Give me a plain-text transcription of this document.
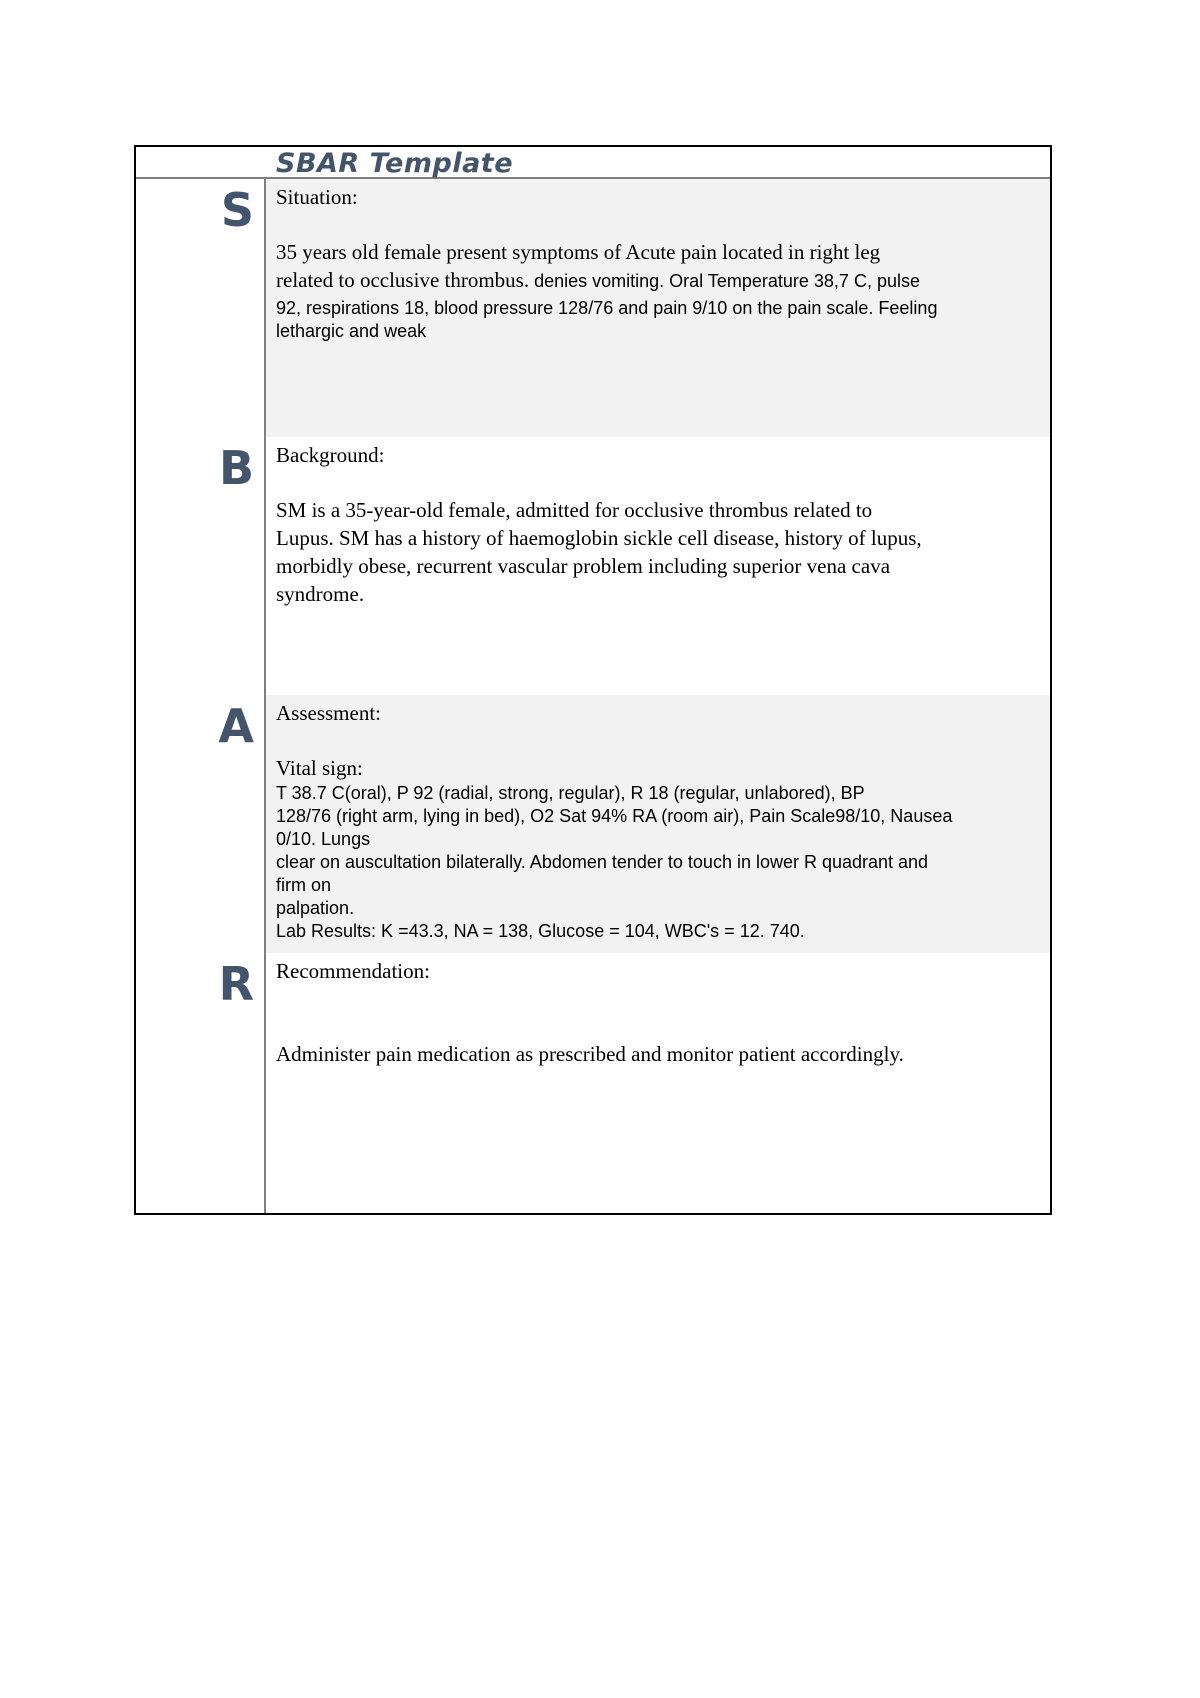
SBAR Template
S Situation:

35 years old female present symptoms of Acute pain located in right leg
related to occlusive thrombus. denies vomiting. Oral Temperature 38,7 C, pulse
92, respirations 18, blood pressure 128/76 and pain 9/10 on the pain scale. Feeling
lethargic and weak

B Background:

SM is a 35-year-old female, admitted for occlusive thrombus related to
Lupus. SM has a history of haemoglobin sickle cell disease, history of lupus,
morbidly obese, recurrent vascular problem including superior vena cava
syndrome.

A Assessment:

Vital sign:

T 38.7 C(oral), P 92 (radial, strong, regular), R 18 (regular, unlabored), BP
128/76 (right arm, lying in bed), O2 Sat 94% RA (room air), Pain Scale98/10, Nausea
0/10. Lungs
clear on auscultation bilaterally. Abdomen tender to touch in lower R quadrant and
firm on
palpation.
Lab Results: K =43.3, NA = 138, Glucose = 104, WBC's = 12. 740.

R Recommendation:

Administer pain medication as prescribed and monitor patient accordingly.
